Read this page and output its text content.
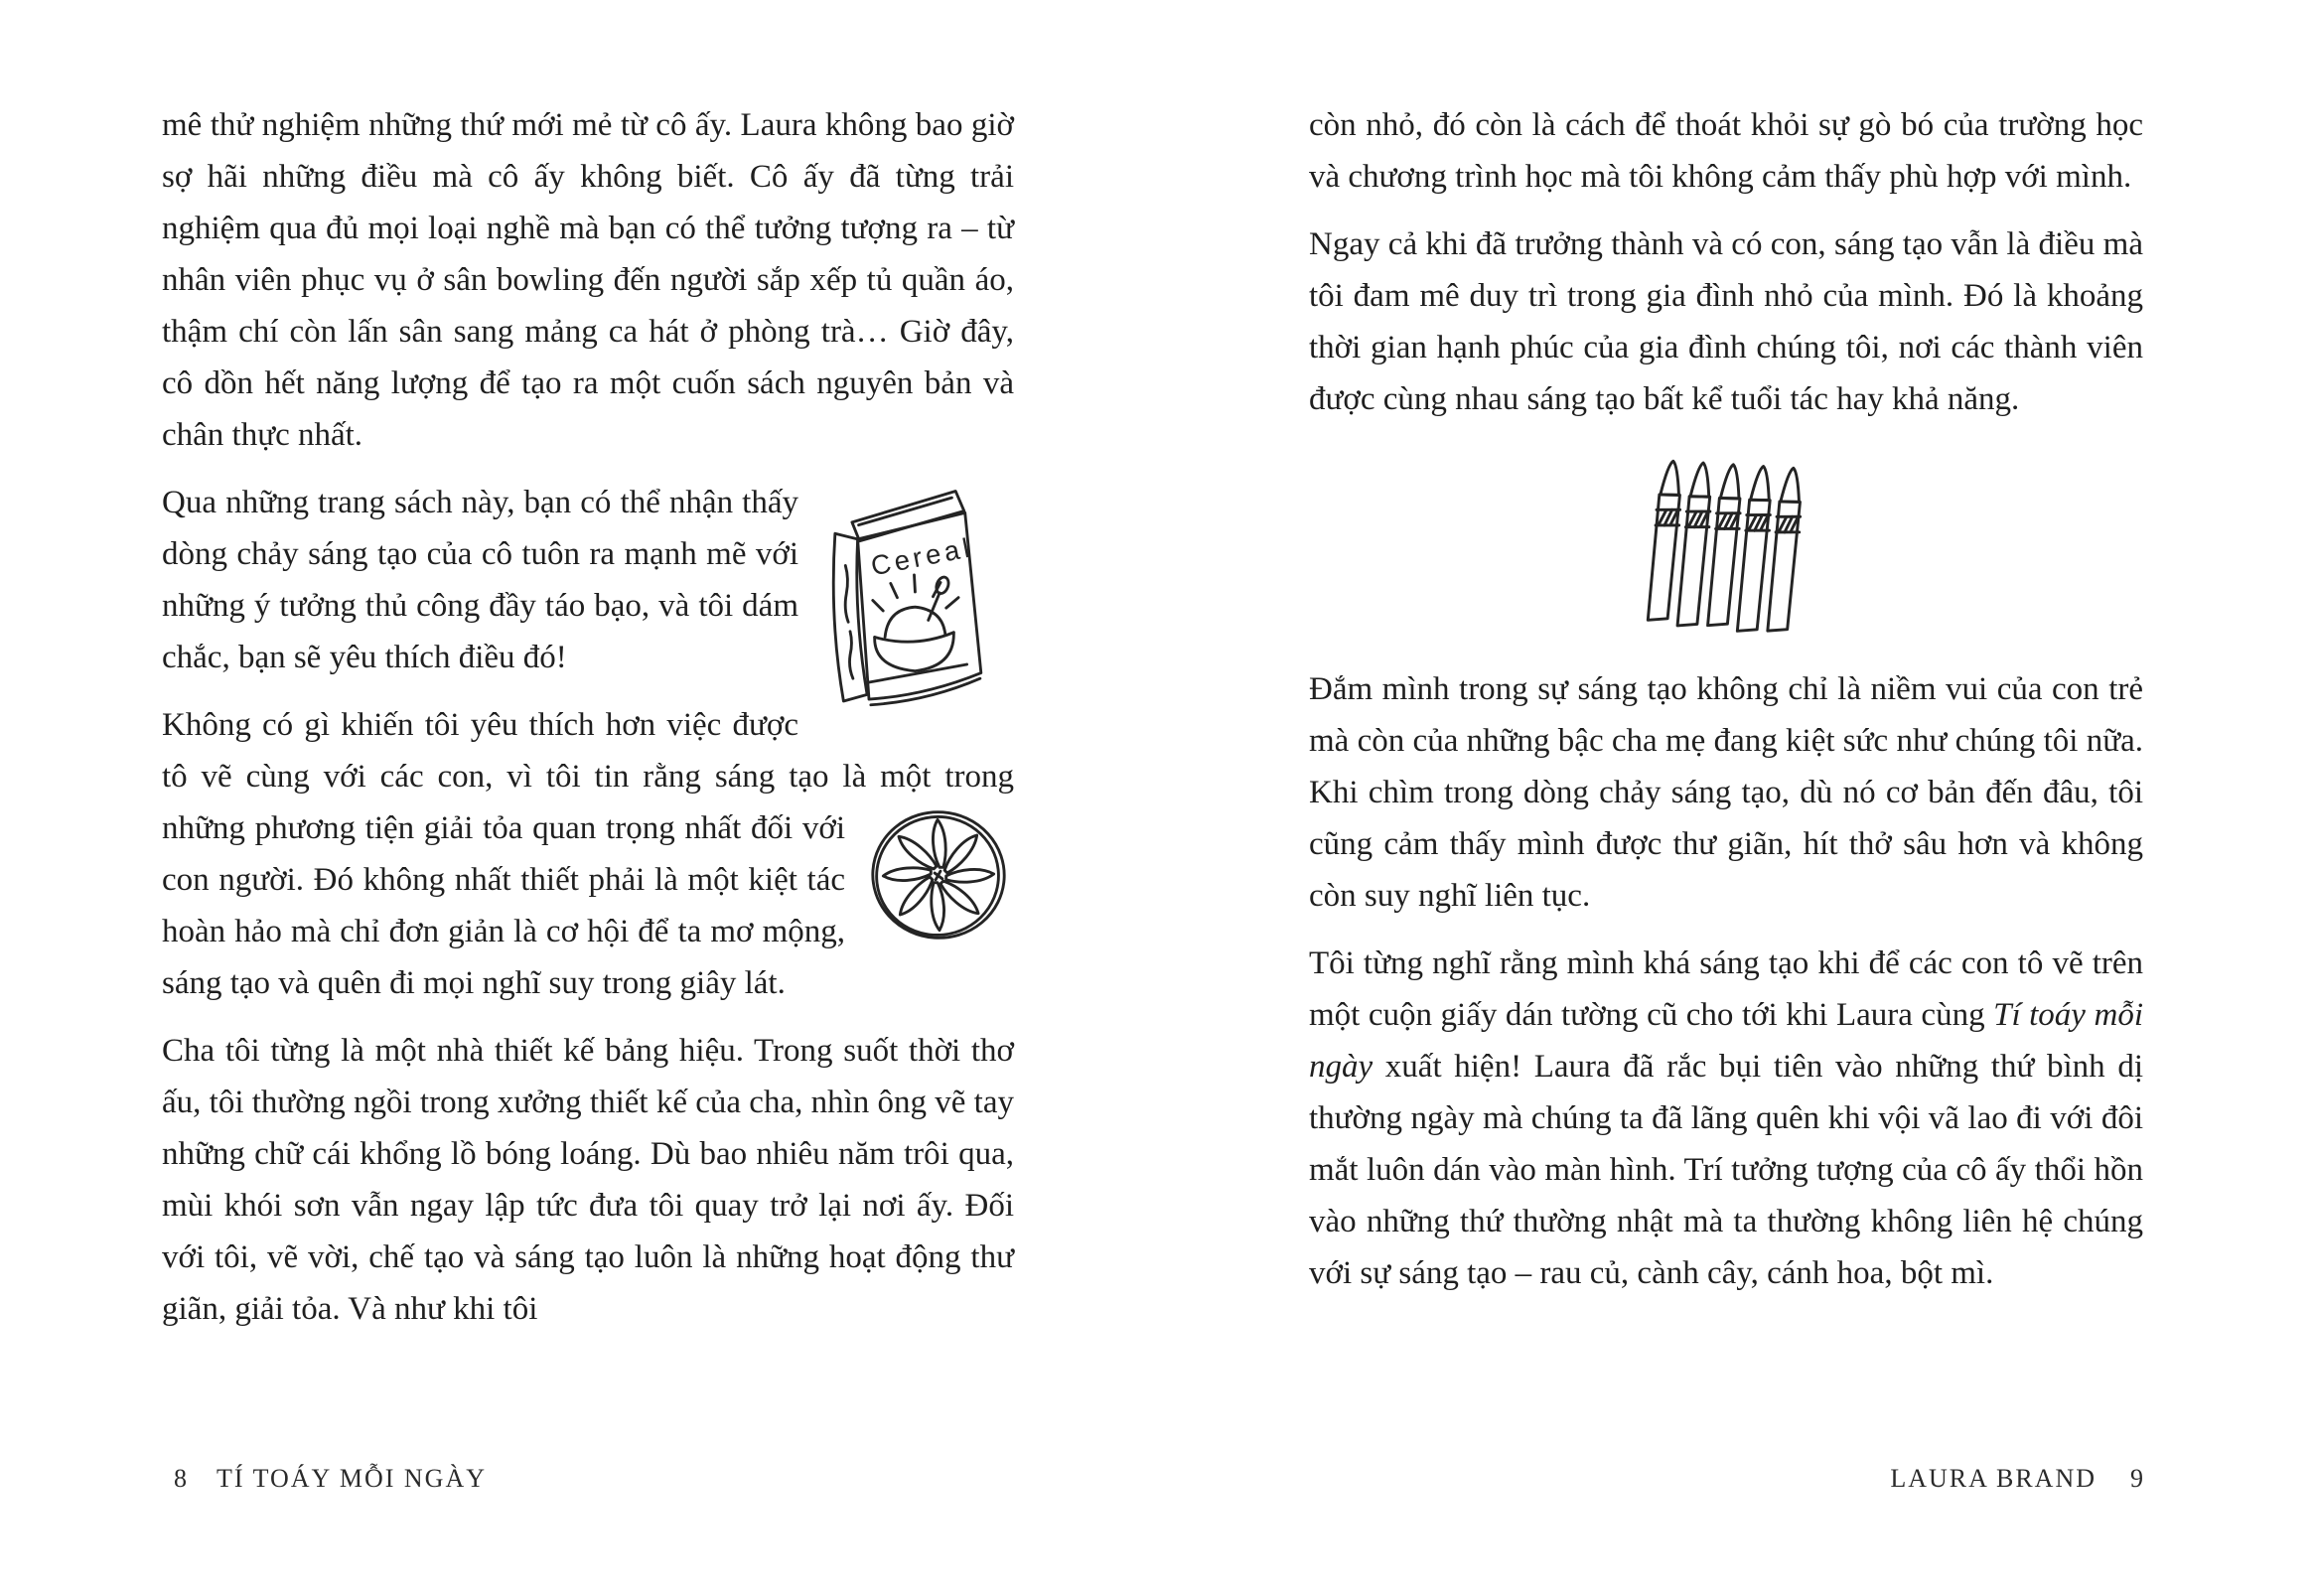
mê thử nghiệm những thứ mới mẻ từ cô ấy. Laura không bao giờ sợ hãi những điều mà cô ấy không biết. Cô ấy đã từng trải nghiệm qua đủ mọi loại nghề mà bạn có thể tưởng tượng ra – từ nhân viên phục vụ ở sân bowling đến người sắp xếp tủ quần áo, thậm chí còn lấn sân sang mảng ca hát ở phòng trà… Giờ đây, cô dồn hết năng lượng để tạo ra một cuốn sách nguyên bản và chân thực nhất.

Cereal
Qua những trang sách này, bạn có thể nhận thấy dòng chảy sáng tạo của cô tuôn ra mạnh mẽ với những ý tưởng thủ công đầy táo bạo, và tôi dám chắc, bạn sẽ yêu thích điều đó!

Không có gì khiến tôi yêu thích hơn việc được tô vẽ cùng với các con, vì tôi tin rằng sáng tạo là một trong những phương tiện giải tỏa quan trọng nhất đối với
con người. Đó không nhất thiết phải là một kiệt tác hoàn hảo mà chỉ đơn giản là cơ hội để ta mơ mộng, sáng tạo và quên đi mọi nghĩ suy trong giây lát.

Cha tôi từng là một nhà thiết kế bảng hiệu. Trong suốt thời thơ ấu, tôi thường ngồi trong xưởng thiết kế của cha, nhìn ông vẽ tay những chữ cái khổng lồ bóng loáng. Dù bao nhiêu năm trôi qua, mùi khói sơn vẫn ngay lập tức đưa tôi quay trở lại nơi ấy. Đối với tôi, vẽ vời, chế tạo và sáng tạo luôn là những hoạt động thư giãn, giải tỏa. Và như khi tôi

8 TÍ TOÁY MỖI NGÀY

còn nhỏ, đó còn là cách để thoát khỏi sự gò bó của trường học và chương trình học mà tôi không cảm thấy phù hợp với mình.

Ngay cả khi đã trưởng thành và có con, sáng tạo vẫn là điều mà tôi đam mê duy trì trong gia đình nhỏ của mình. Đó là khoảng thời gian hạnh phúc của gia đình chúng tôi, nơi các thành viên được cùng nhau sáng tạo bất kể tuổi tác hay khả năng.

Đắm mình trong sự sáng tạo không chỉ là niềm vui của con trẻ mà còn của những bậc cha mẹ đang kiệt sức như chúng tôi nữa. Khi chìm trong dòng chảy sáng tạo, dù nó cơ bản đến đâu, tôi cũng cảm thấy mình được thư giãn, hít thở sâu hơn và không còn suy nghĩ liên tục.

Tôi từng nghĩ rằng mình khá sáng tạo khi để các con tô vẽ trên một cuộn giấy dán tường cũ cho tới khi Laura cùng Tí toáy mỗi ngày xuất hiện! Laura đã rắc bụi tiên vào những thứ bình dị thường ngày mà chúng ta đã lãng quên khi vội vã lao đi với đôi mắt luôn dán vào màn hình. Trí tưởng tượng của cô ấy thổi hồn vào những thứ thường nhật mà ta thường không liên hệ chúng với sự sáng tạo – rau củ, cành cây, cánh hoa, bột mì.

LAURA BRAND 9
